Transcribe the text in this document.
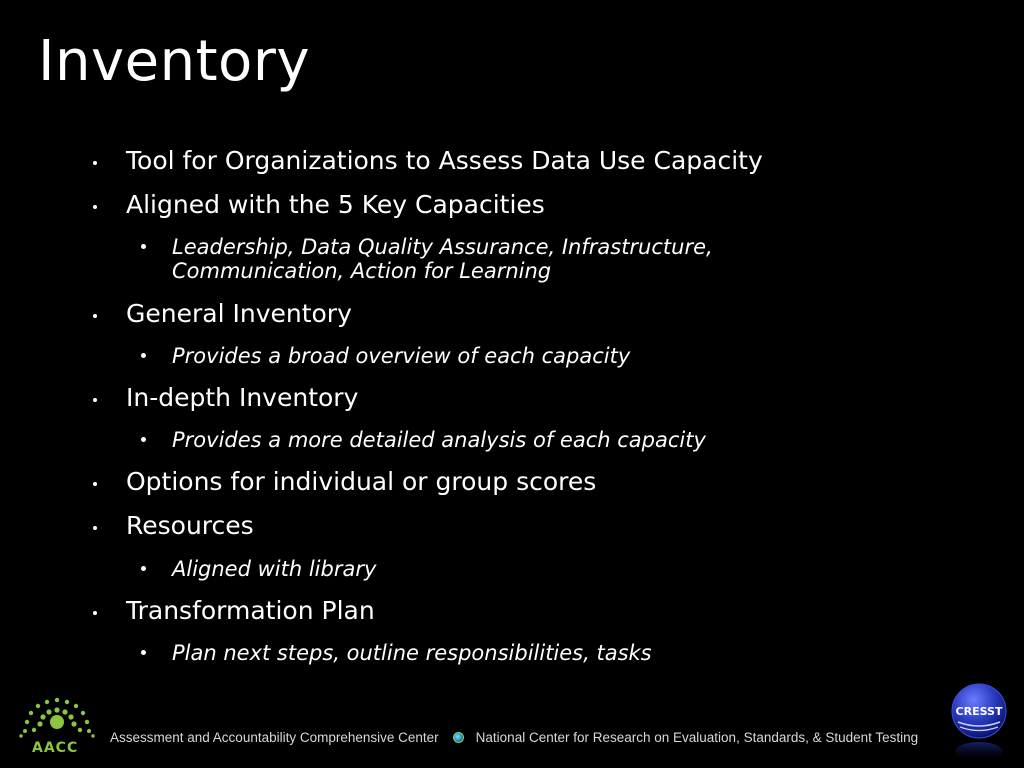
Inventory
Tool for Organizations to Assess Data Use Capacity
Aligned with the 5 Key Capacities
Leadership, Data Quality Assurance, Infrastructure,
Communication, Action for Learning
General Inventory
Provides a broad overview of each capacity
In-depth Inventory
Provides a more detailed analysis of each capacity
Options for individual or group scores
Resources
Aligned with library
Transformation Plan
Plan next steps, outline responsibilities, tasks
AACC
Assessment and Accountability Comprehensive Center	National Center for Research on Evaluation, Standards, & Student Testing
CRESST
